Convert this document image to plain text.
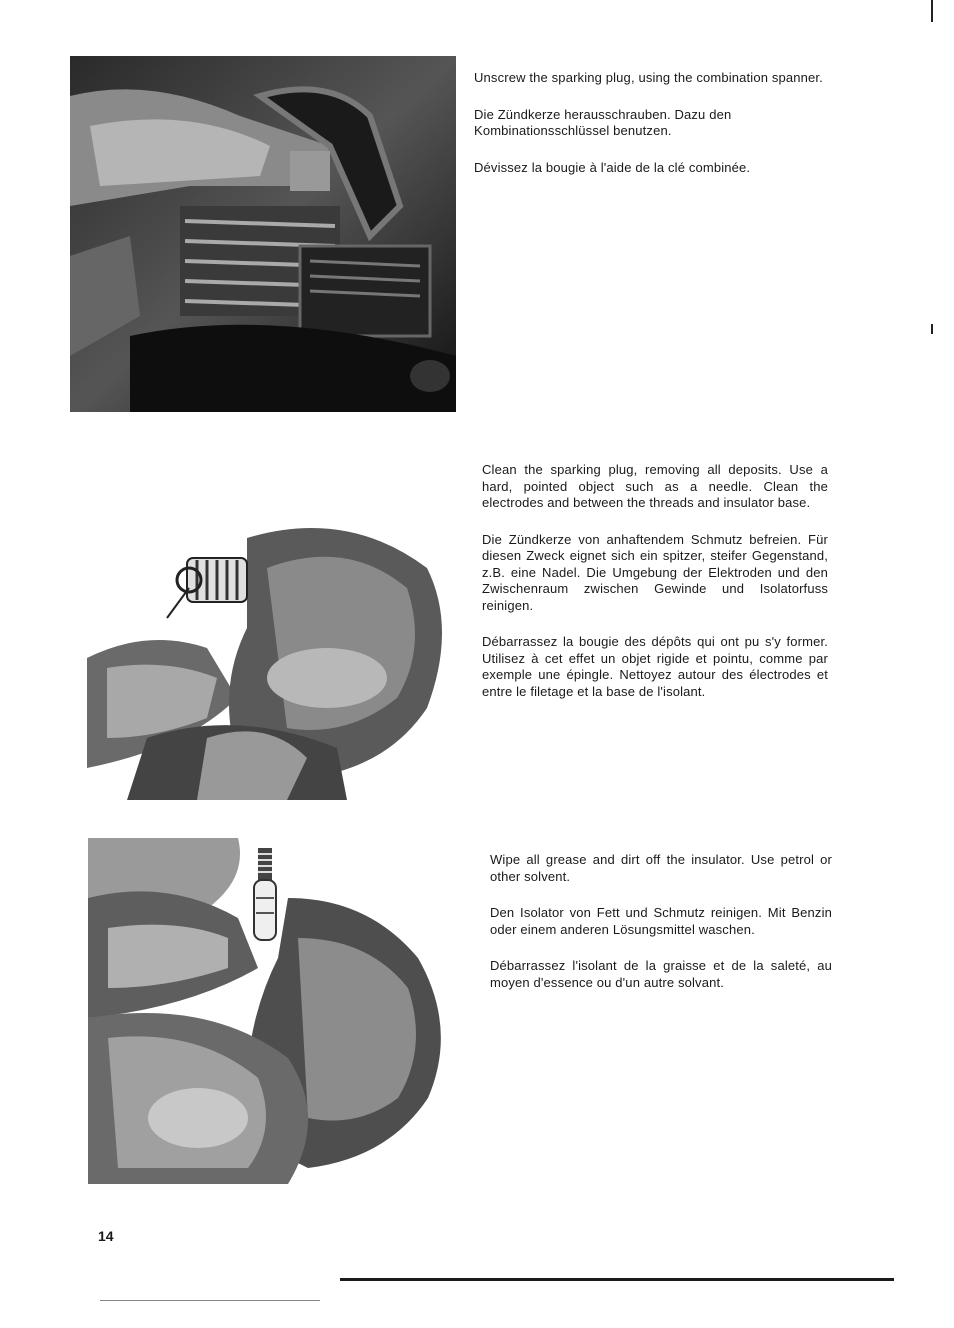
Unscrew the sparking plug, using the combination spanner.

Die Zündkerze herausschrauben. Dazu den Kombinationsschlüssel benutzen.

Dévissez la bougie à l'aide de la clé combinée.

Clean the sparking plug, removing all deposits. Use a hard, pointed object such as a needle. Clean the electrodes and between the threads and insulator base.

Die Zündkerze von anhaftendem Schmutz befreien. Für diesen Zweck eignet sich ein spitzer, steifer Gegenstand, z.B. eine Nadel. Die Umgebung der Elektroden und den Zwischenraum zwischen Gewinde und Isolatorfuss reinigen.

Débarrassez la bougie des dépôts qui ont pu s'y former. Utilisez à cet effet un objet rigide et pointu, comme par exemple une épingle. Nettoyez autour des électrodes et entre le filetage et la base de l'isolant.

Wipe all grease and dirt off the insulator. Use petrol or other solvent.

Den Isolator von Fett und Schmutz reinigen. Mit Benzin oder einem anderen Lösungsmittel waschen.

Débarrassez l'isolant de la graisse et de la saleté, au moyen d'essence ou d'un autre solvant.

14
